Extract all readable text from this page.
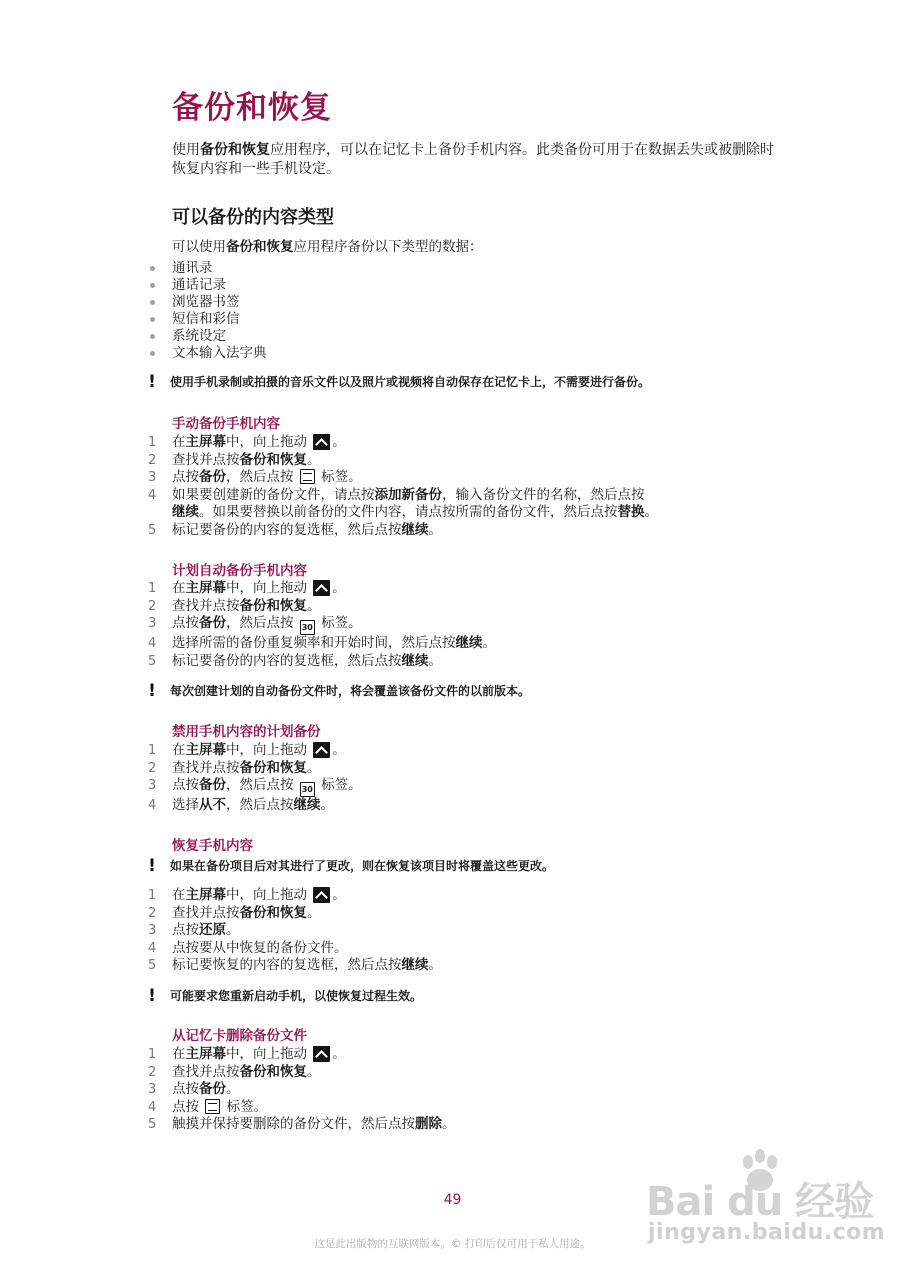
备份和恢复

使用备份和恢复应用程序，可以在记忆卡上备份手机内容。此类备份可用于在数据丢失或被删除时恢复内容和一些手机设定。

可以备份的内容类型

可以使用备份和恢复应用程序备份以下类型的数据：

通讯录
通话记录
浏览器书签
短信和彩信
系统设定
文本输入法字典
! 使用手机录制或拍摄的音乐文件以及照片或视频将自动保存在记忆卡上，不需要进行备份。
手动备份手机内容
1 在主屏幕中，向上拖动 。
2 查找并点按备份和恢复。
3 点按备份，然后点按 标签。
4 如果要创建新的备份文件，请点按添加新备份，输入备份文件的名称，然后点按
继续。如果要替换以前备份的文件内容，请点按所需的备份文件，然后点按替换。
5 标记要备份的内容的复选框，然后点按继续。
计划自动备份手机内容
1 在主屏幕中，向上拖动 。
2 查找并点按备份和恢复。
3 点按备份，然后点按 30 标签。
4 选择所需的备份重复频率和开始时间，然后点按继续。
5 标记要备份的内容的复选框，然后点按继续。
! 每次创建计划的自动备份文件时，将会覆盖该备份文件的以前版本。
禁用手机内容的计划备份
1 在主屏幕中，向上拖动 。
2 查找并点按备份和恢复。
3 点按备份，然后点按 30 标签。
4 选择从不，然后点按继续。
恢复手机内容
! 如果在备份项目后对其进行了更改，则在恢复该项目时将覆盖这些更改。
1 在主屏幕中，向上拖动 。
2 查找并点按备份和恢复。
3 点按还原。
4 点按要从中恢复的备份文件。
5 标记要恢复的内容的复选框，然后点按继续。
! 可能要求您重新启动手机，以使恢复过程生效。
从记忆卡删除备份文件
1 在主屏幕中，向上拖动 。
2 查找并点按备份和恢复。
3 点按备份。
4 点按 标签。
5 触摸并保持要删除的备份文件，然后点按删除。

49

这是此出版物的互联网版本。© 打印后仅可用于私人用途。

Bai du 经验
jingyan.baidu.com
